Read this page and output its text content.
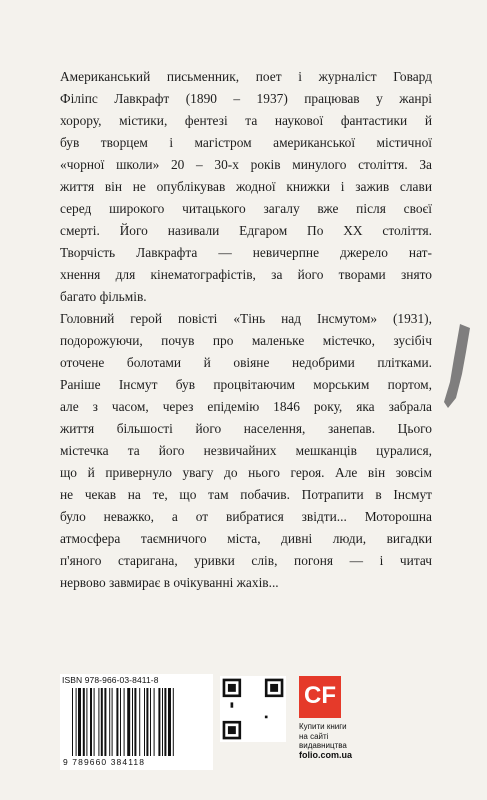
Американський письменник, поет і журналіст Говард
Філіпс Лавкрафт (1890 – 1937) працював у жанрі
хорору, містики, фентезі та наукової фантастики й
був творцем і магістром американської містичної
«чорної школи» 20 – 30-х років минулого століття. За
життя він не опублікував жодної книжки і зажив слави
серед широкого читацького загалу вже після своєї
смерті. Його називали Едгаром По ХХ століття.
Творчість Лавкрафта — невичерпне джерело нат-
хнення для кінематографістів, за його творами знято
багато фільмів.

Головний герой повісті «Тінь над Інсмутом» (1931),
подорожуючи, почув про маленьке містечко, зусібіч
оточене болотами й овіяне недобрими плітками.
Раніше Інсмут був процвітаючим морським портом,
але з часом, через епідемію 1846 року, яка забрала
життя більшості його населення, занепав. Цього
містечка та його незвичайних мешканців цуралися,
що й привернуло увагу до нього героя. Але він зовсім
не чекав на те, що там побачив. Потрапити в Інсмут
було неважко, а от вибратися звідти... Моторошна
атмосфера таємничого міста, дивні люди, вигадки
п'яного старигана, уривки слів, погоня — і читач
нервово завмирає в очікуванні жахів...

ISBN 978-966-03-8411-8
9 789660 384118
CF
Купити книги
на сайті
видавництва
folio.com.ua
